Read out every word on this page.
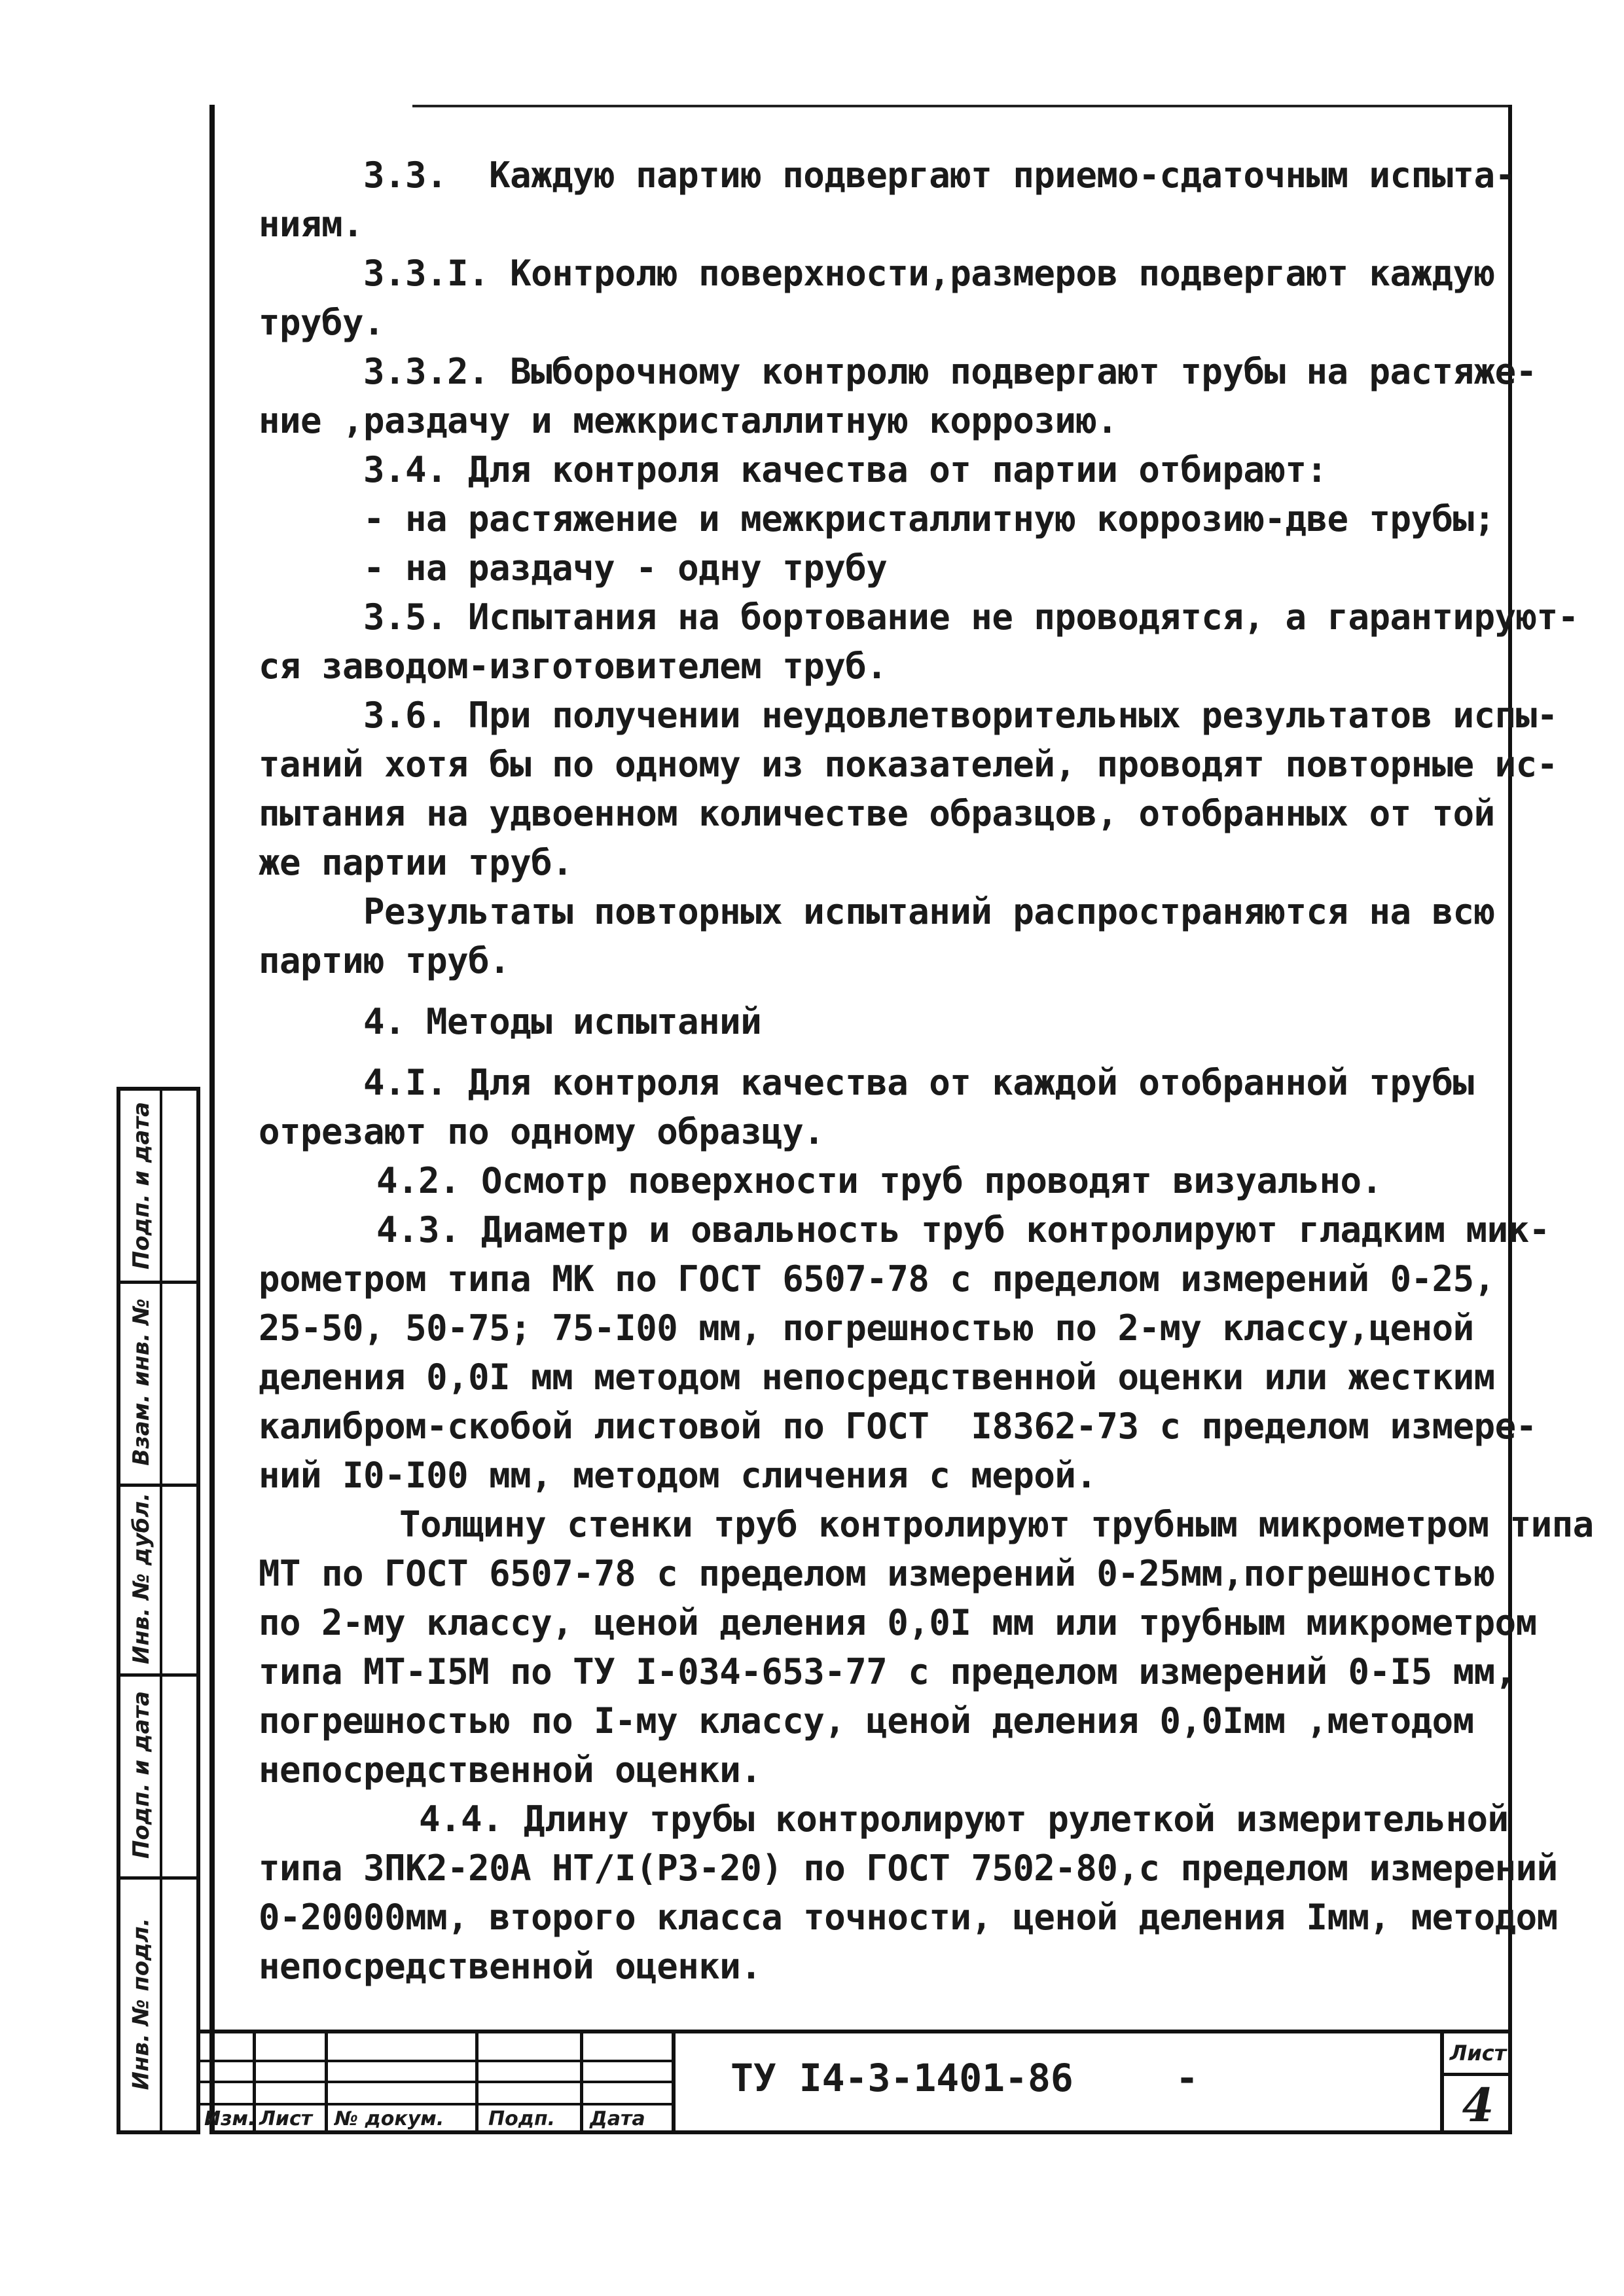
3.3.  Каждую партию подвергают приемо-сдаточным испыта-

ниям.

3.3.I. Контролю поверхности,размеров подвергают каждую

трубу.

3.3.2. Выборочному контролю подвергают трубы на растяже-

ние ,раздачу и межкристаллитную коррозию.

3.4. Для контроля качества от партии отбирают:

- на растяжение и межкристаллитную коррозию-две трубы;

- на раздачу - одну трубу

3.5. Испытания на бортование не проводятся, а гарантируют-

ся заводом-изготовителем труб.

3.6. При получении неудовлетворительных результатов испы-

таний хотя бы по одному из показателей, проводят повторные ис-

пытания на удвоенном количестве образцов, отобранных от той

же партии труб.

Результаты повторных испытаний распространяются на всю

партию труб.

4. Методы испытаний

4.I. Для контроля качества от каждой отобранной трубы

отрезают по одному образцу.

4.2. Осмотр поверхности труб проводят визуально.

4.3. Диаметр и овальность труб контролируют гладким мик-

рометром типа МК по ГОСТ 6507-78 с пределом измерений 0-25,

25-50, 50-75; 75-I00 мм, погрешностью по 2-му классу,ценой

деления 0,0I мм методом непосредственной оценки или жестким

калибром-скобой листовой по ГОСТ  I8362-73 с пределом измере-

ний I0-I00 мм, методом сличения с мерой.

Толщину стенки труб контролируют трубным микрометром типа

МТ по ГОСТ 6507-78 с пределом измерений 0-25мм,погрешностью

по 2-му классу, ценой деления 0,0I мм или трубным микрометром

типа МТ-I5М по ТУ I-034-653-77 с пределом измерений 0-I5 мм,

погрешностью по I-му классу, ценой деления 0,0Iмм ,методом

непосредственной оценки.

4.4. Длину трубы контролируют рулеткой измерительной

типа ЗПК2-20А НТ/I(РЗ-20) по ГОСТ 7502-80,с пределом измерений

0-20000мм, второго класса точности, ценой деления Iмм, методом

непосредственной оценки.

Подп. и дата
Взам. инв. №
Инв. № дубл.
Подп. и дата
Инв. № подл.
Изм. Лист № докум. Подп. Дата
ТУ I4-3-1401-86	-
Лист
4
